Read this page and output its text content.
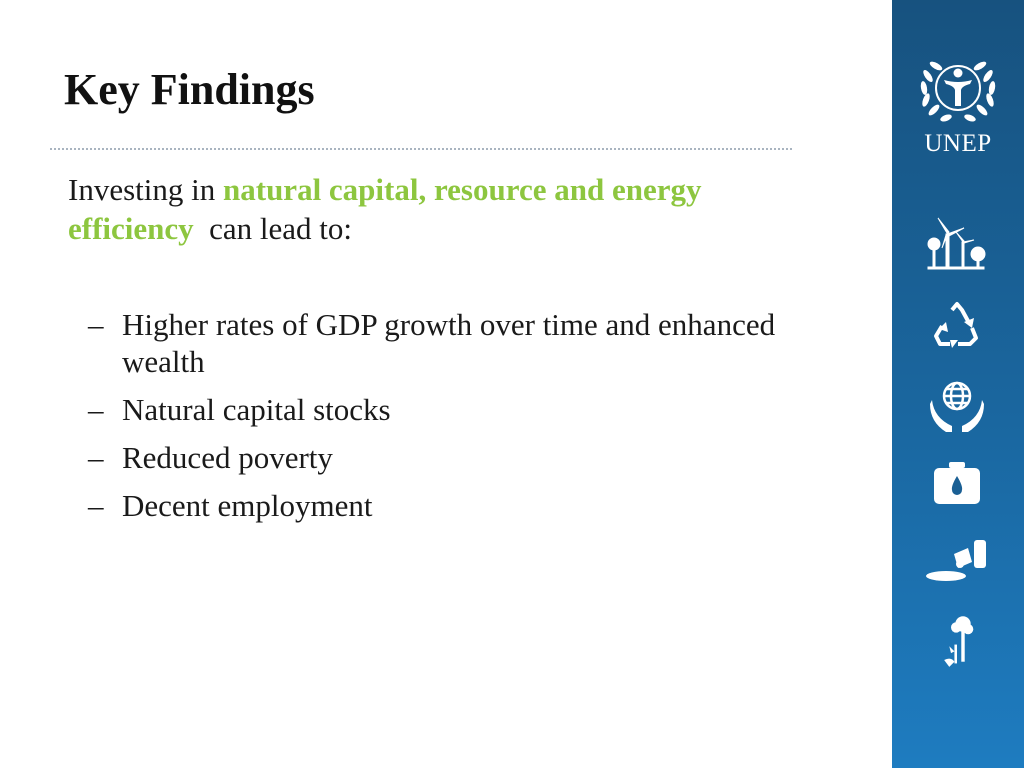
Key Findings
Investing in natural capital, resource and energy efficiency  can lead to:
– Higher rates of GDP growth over time and enhanced wealth
– Natural capital stocks
– Reduced poverty
– Decent employment
UNEP
